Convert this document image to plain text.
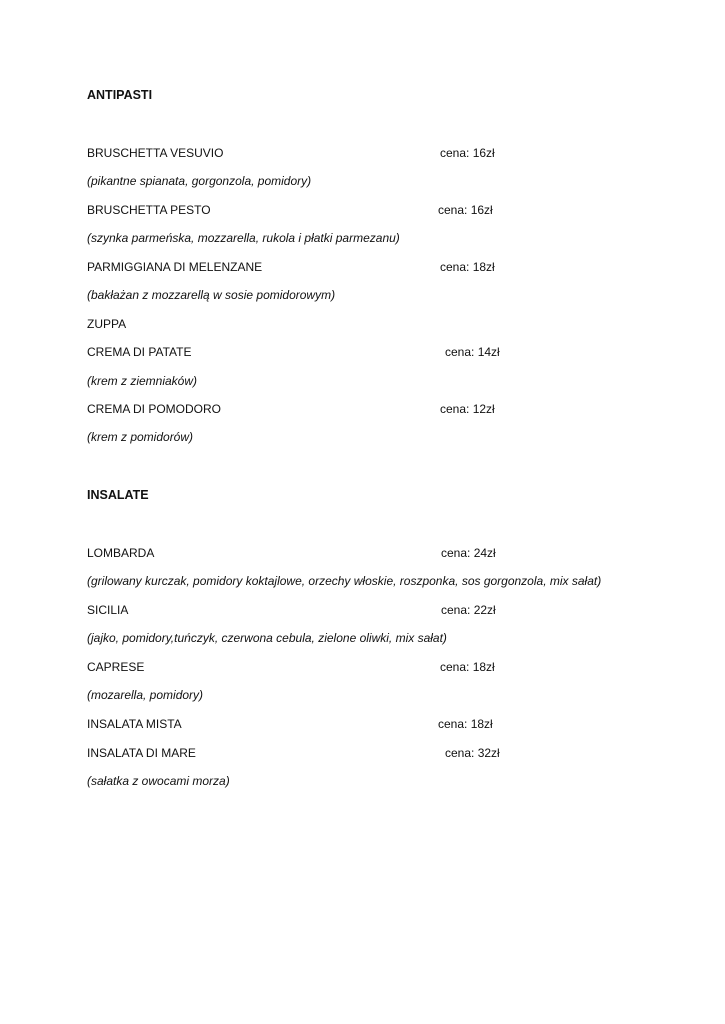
ANTIPASTI
BRUSCHETTA VESUVIO	cena: 16zł
(pikantne spianata, gorgonzola, pomidory)
BRUSCHETTA PESTO	cena: 16zł
(szynka parmeńska, mozzarella, rukola i płatki parmezanu)
PARMIGGIANA DI MELENZANE	cena: 18zł
(bakłażan z mozzarellą w sosie pomidorowym)
ZUPPA
CREMA DI PATATE	cena: 14zł
(krem z ziemniaków)
CREMA DI POMODORO	cena: 12zł
(krem z pomidorów)
INSALATE
LOMBARDA	cena: 24zł
(grilowany kurczak, pomidory koktajlowe, orzechy włoskie, roszponka, sos gorgonzola, mix sałat)
SICILIA	cena: 22zł
(jajko, pomidory,tuńczyk, czerwona cebula, zielone oliwki, mix sałat)
CAPRESE	cena: 18zł
(mozarella, pomidory)
INSALATA MISTA	cena: 18zł
INSALATA DI MARE	cena: 32zł
(sałatka z owocami morza)
